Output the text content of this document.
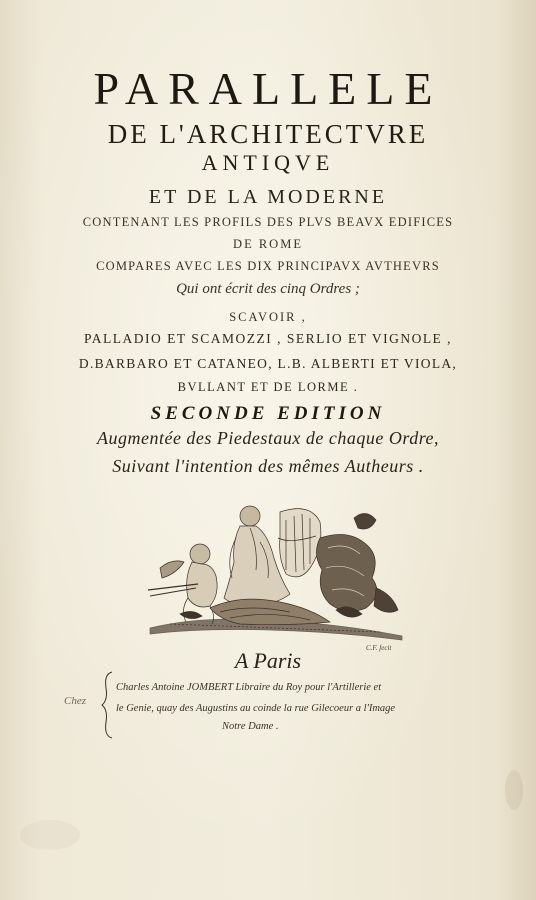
PARALLELE
DE L'ARCHITECTVRE
ANTIQVE
ET DE LA MODERNE
CONTENANT LES PROFILS DES PLVS BEAVX EDIFICES
DE ROME
COMPARES AVEC LES DIX PRINCIPAVX AVTHEVRS
Qui ont écrit des cinq Ordres ;
SCAVOIR ,
PALLADIO ET SCAMOZZI , SERLIO ET VIGNOLE ,
D.BARBARO ET CATANEO, L.B. ALBERTI ET VIOLA,
BVLLANT ET DE LORME .
SECONDE EDITION
Augmentée des Piedestaux de chaque Ordre,
Suivant l'intention des mêmes Autheurs .
C.F. fecit
A Paris
Chez
Charles Antoine JOMBERT Libraire du Roy pour l'Artillerie et
le Genie, quay des Augustins au coinde la rue Gilecoeur a l'Image
Notre Dame .
